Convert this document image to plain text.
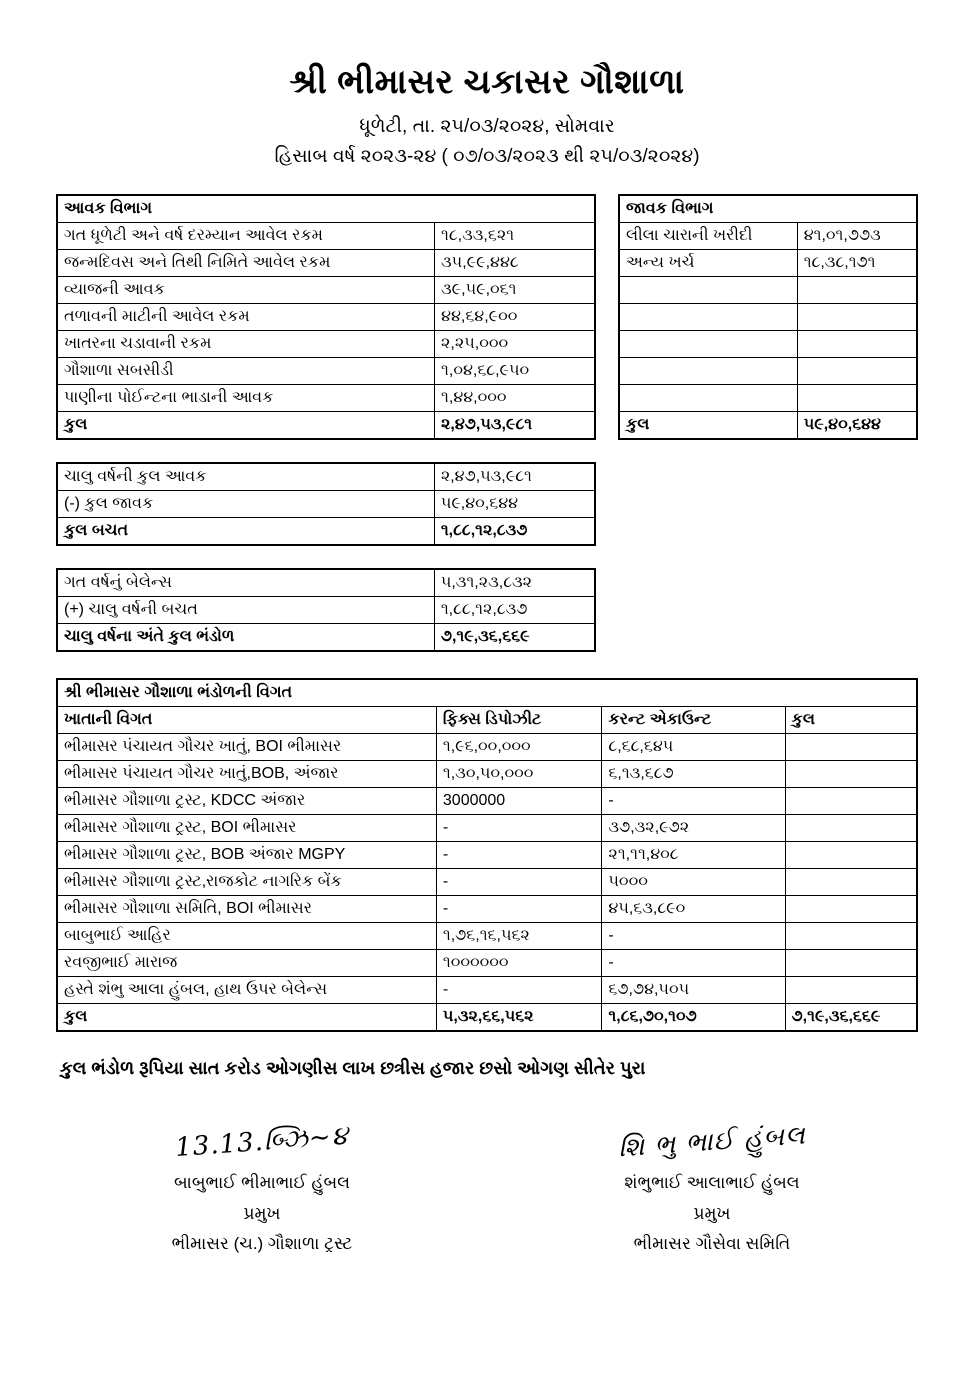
શ્રી ભીમાસર ચકાસર ગૌશાળા
ધૂળેટી, તા. ૨૫/૦૩/૨૦૨૪, સોમવાર
હિસાબ વર્ષ ૨૦૨૩-૨૪ ( ૦૭/૦૩/૨૦૨૩ થી ૨૫/૦૩/૨૦૨૪)
આવક વિભાગ	
ગત ધૂળેટી અને વર્ષ દરમ્યાન આવેલ રકમ	૧૮,૩૩,૬૨૧
જન્મદિવસ અને તિથી નિમિતે આવેલ રકમ	૩૫,૯૯,૪૪૮
વ્યાજની આવક	૩૯,૫૯,૦૬૧
તળાવની માટીની આવેલ રકમ	૪૪,૬૪,૯૦૦
ખાતરના ચડાવાની રકમ	૨,૨૫,૦૦૦
ગૌશાળા સબસીડી	૧,૦૪,૬૮,૯૫૦
પાણીના પોઈન્ટના ભાડાની આવક	૧,૪૪,૦૦૦
કુલ	૨,૪૭,૫૩,૯૮૧
જાવક વિભાગ	
લીલા ચારાની ખરીદી	૪૧,૦૧,૭૭૩
અન્ય ખર્ચ	૧૮,૩૮,૧૭૧

કુલ	૫૯,૪૦,૬૪૪
ચાલુ વર્ષની કુલ આવક	૨,૪૭,૫૩,૯૮૧
(-) કુલ જાવક	૫૯,૪૦,૬૪૪
કુલ બચત	૧,૮૮,૧૨,૮૩૭
ગત વર્ષનું બેલેન્સ	૫,૩૧,૨૩,૮૩૨
(+) ચાલુ વર્ષની બચત	૧,૮૮,૧૨,૮૩૭
ચાલુ વર્ષના અંતે કુલ ભંડોળ	૭,૧૯,૩૬,૬૬૯
શ્રી ભીમાસર ગૌશાળા ભંડોળની વિગત			
ખાતાની વિગત	ફિક્સ ડિપોઝીટ	કરન્ટ એકાઉન્ટ	કુલ
ભીમાસર પંચાયત ગૌચર ખાતું, BOI ભીમાસર	૧,૯૬,૦૦,૦૦૦	૮,૬૮,૬૪૫	
ભીમાસર પંચાયત ગૌચર ખાતું,BOB, અંજાર	૧,૩૦,૫૦,૦૦૦	૬,૧૩,૬૮૭	
ભીમાસર ગૌશાળા ટ્રસ્ટ, KDCC અંજાર	3000000	-	
ભીમાસર ગૌશાળા ટ્રસ્ટ, BOI ભીમાસર	-	૩૭,૩૨,૯૭૨	
ભીમાસર ગૌશાળા ટ્રસ્ટ, BOB અંજાર MGPY	-	૨૧,૧૧,૪૦૮	
ભીમાસર ગૌશાળા ટ્રસ્ટ,રાજકોટ નાગરિક બેંક	-	૫૦૦૦	
ભીમાસર ગૌશાળા સમિતિ, BOI ભીમાસર	-	૪૫,૬૩,૮૯૦	
બાબુભાઈ આહિર	૧,૭૬,૧૬,૫૬૨	-	
રવજીભાઈ મારાજ	૧૦૦૦૦૦૦	-	
હસ્તે શંભુ આલા હુંબલ, હાથ ઉપર બેલેન્સ	-	૬૭,૭૪,૫૦૫	
કુલ	૫,૩૨,૬૬,૫૬૨	૧,૮૬,૭૦,૧૦૭	૭,૧૯,૩૬,૬૬૯
કુલ ભંડોળ રૂપિયા સાત કરોડ ઓગણીસ લાખ છત્રીસ હજાર છસો ઓગણ સીતેર પુરા
13.13.બ્ઝિ~૪
બાબુભાઈ ભીમાભાઈ હુંબલ
પ્રમુખ
ભીમાસર (ચ.) ગૌશાળા ટ્રસ્ટ
શિ ભુ ભાઈ હુંબલ
શંભુભાઈ આલાભાઈ હુંબલ
પ્રમુખ
ભીમાસર ગૌસેવા સમિતિ
